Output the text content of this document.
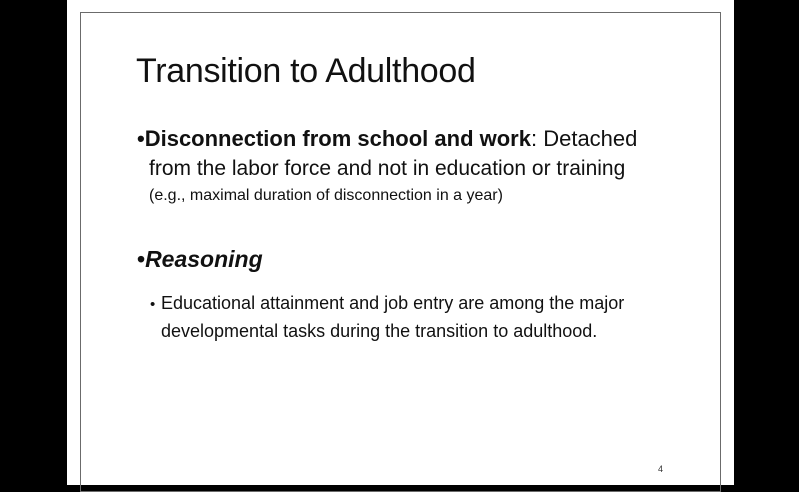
Transition to Adulthood
•Disconnection from school and work: Detached
from the labor force and not in education or training
(e.g., maximal duration of disconnection in a year)
•Reasoning
• Educational attainment and job entry are among the major
developmental tasks during the transition to adulthood.
4
